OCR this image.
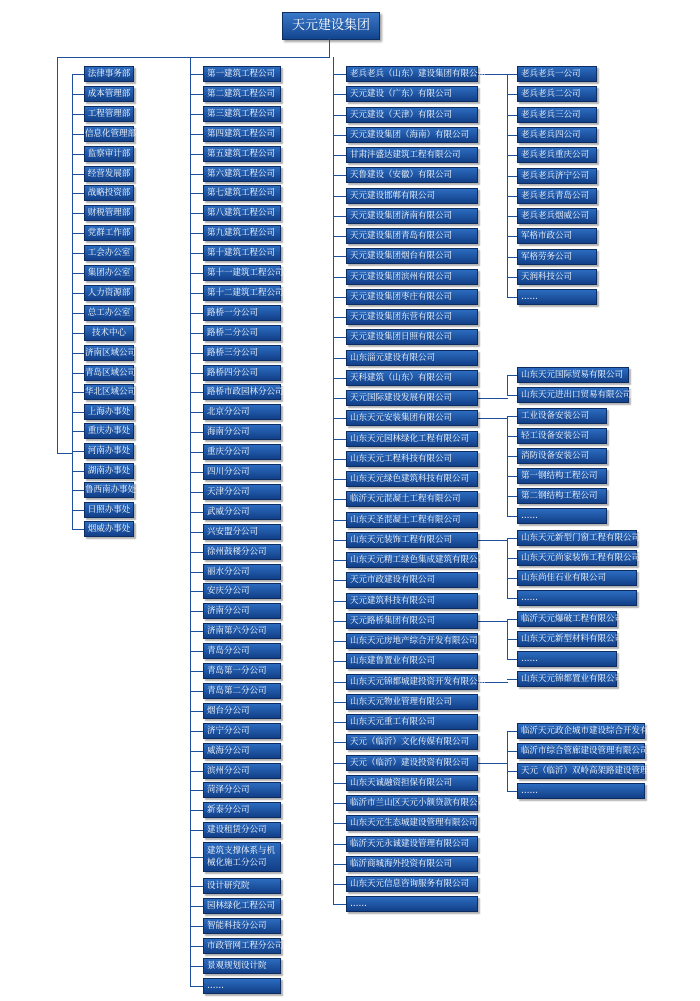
天元建设集团
法律事务部
成本管理部
工程管理部
信息化管理部
监察审计部
经营发展部
战略投资部
财税管理部
党群工作部
工会办公室
集团办公室
人力资源部
总工办公室
技术中心
济南区域公司
青岛区域公司
华北区域公司
上海办事处
重庆办事处
河南办事处
湖南办事处
鲁西南办事处
日照办事处
烟威办事处
第一建筑工程公司
第二建筑工程公司
第三建筑工程公司
第四建筑工程公司
第五建筑工程公司
第六建筑工程公司
第七建筑工程公司
第八建筑工程公司
第九建筑工程公司
第十建筑工程公司
第十一建筑工程公司
第十二建筑工程公司
路桥一分公司
路桥二分公司
路桥三分公司
路桥四分公司
路桥市政园林分公司
北京分公司
海南分公司
重庆分公司
四川分公司
天津分公司
武威分公司
兴安盟分公司
徐州鼓楼分公司
丽水分公司
安庆分公司
济南分公司
济南第六分公司
青岛分公司
青岛第一分公司
青岛第二分公司
烟台分公司
济宁分公司
威海分公司
滨州分公司
菏泽分公司
新泰分公司
建设租赁分公司
建筑支撑体系与机械化施工分公司
设计研究院
园林绿化工程公司
智能科技分公司
市政管网工程分公司
景观规划设计院
……
老兵老兵（山东）建设集团有限公司
天元建设（广东）有限公司
天元建设（天津）有限公司
天元建设集团（海南）有限公司
甘肃沣盛达建筑工程有限公司
天鲁建设（安徽）有限公司
天元建设邯郸有限公司
天元建设集团济南有限公司
天元建设集团青岛有限公司
天元建设集团烟台有限公司
天元建设集团滨州有限公司
天元建设集团枣庄有限公司
天元建设集团东营有限公司
天元建设集团日照有限公司
山东淄元建设有限公司
天科建筑（山东）有限公司
天元国际建设发展有限公司
山东天元安装集团有限公司
山东天元园林绿化工程有限公司
山东天元工程科技有限公司
山东天元绿色建筑科技有限公司
临沂天元混凝土工程有限公司
山东天圣混凝土工程有限公司
山东天元装饰工程有限公司
山东天元精工绿色集成建筑有限公司
天元市政建设有限公司
天元建筑科技有限公司
天元路桥集团有限公司
山东天元房地产综合开发有限公司
山东建鲁置业有限公司
山东天元锦都城建投资开发有限公司
山东天元物业管理有限公司
山东天元重工有限公司
天元（临沂）文化传媒有限公司
天元（临沂）建设投资有限公司
山东天诚融资担保有限公司
临沂市兰山区天元小额贷款有限公司
山东天元生态城建设管理有限公司
临沂天元永诚建设管理有限公司
临沂商城海外投资有限公司
山东天元信息咨询服务有限公司
……
老兵老兵一公司
老兵老兵二公司
老兵老兵三公司
老兵老兵四公司
老兵老兵重庆公司
老兵老兵济宁公司
老兵老兵青岛公司
老兵老兵烟威公司
军格市政公司
军格劳务公司
天润科技公司
……
山东天元国际贸易有限公司
山东天元进出口贸易有限公司
工业设备安装公司
轻工设备安装公司
消防设备安装公司
第一钢结构工程公司
第二钢结构工程公司
……
山东天元新型门窗工程有限公司
山东天元尚家装饰工程有限公司
山东尚佳石业有限公司
……
临沂天元爆破工程有限公司
山东天元新型材料有限公司
……
山东天元锦都置业有限公司
临沂天元政企城市建设综合开发有限公司
临沂市综合管廊建设管理有限公司
天元（临沂）双岭高架路建设管理有限公司
……
